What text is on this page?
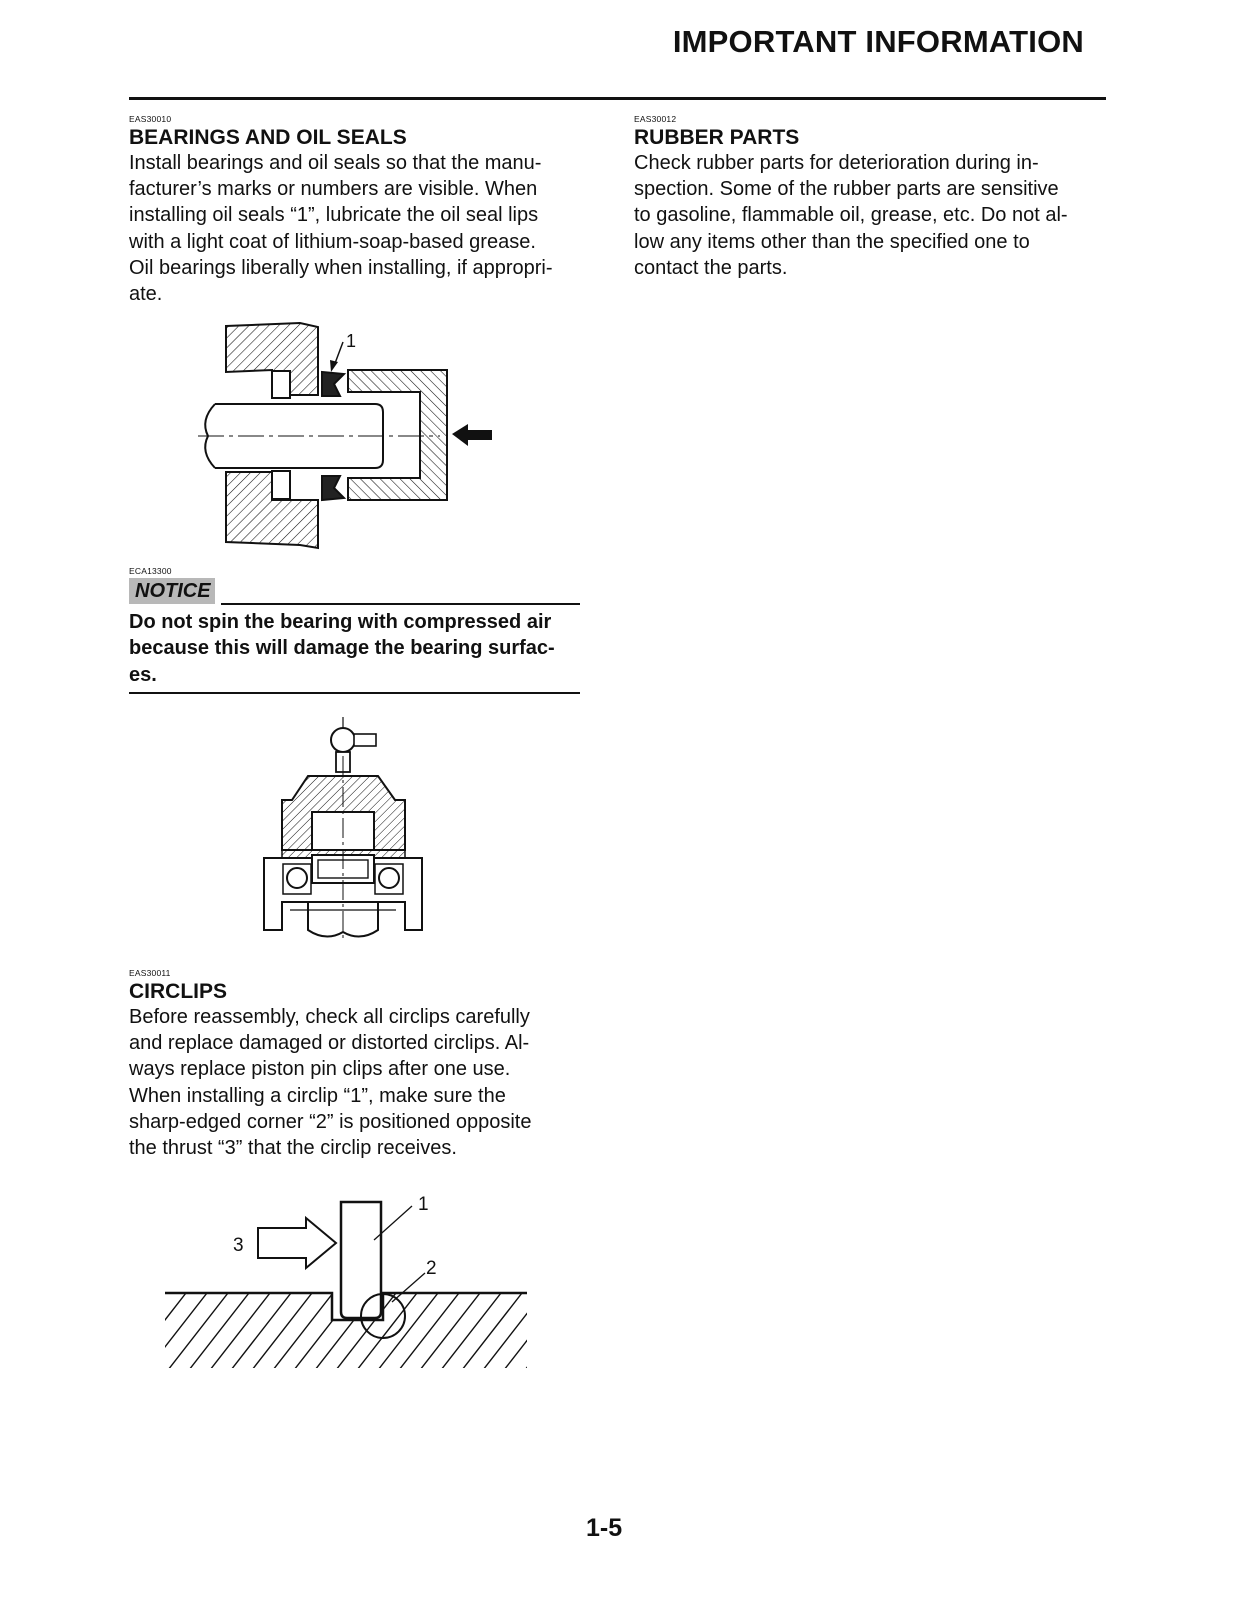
IMPORTANT INFORMATION
EAS30010
BEARINGS AND OIL SEALS
Install bearings and oil seals so that the manu-
facturer’s marks or numbers are visible. When
installing oil seals “1”, lubricate the oil seal lips
with a light coat of lithium-soap-based grease.
Oil bearings liberally when installing, if appropri-
ate.
1
ECA13300
NOTICE
Do not spin the bearing with compressed air
because this will damage the bearing surfac-
es.
EAS30011
CIRCLIPS
Before reassembly, check all circlips carefully
and replace damaged or distorted circlips. Al-
ways replace piston pin clips after one use.
When installing a circlip “1”, make sure the
sharp-edged corner “2” is positioned opposite
the thrust “3” that the circlip receives.
1
2
3
EAS30012
RUBBER PARTS
Check rubber parts for deterioration during in-
spection. Some of the rubber parts are sensitive
to gasoline, flammable oil, grease, etc. Do not al-
low any items other than the specified one to
contact the parts.
1-5
